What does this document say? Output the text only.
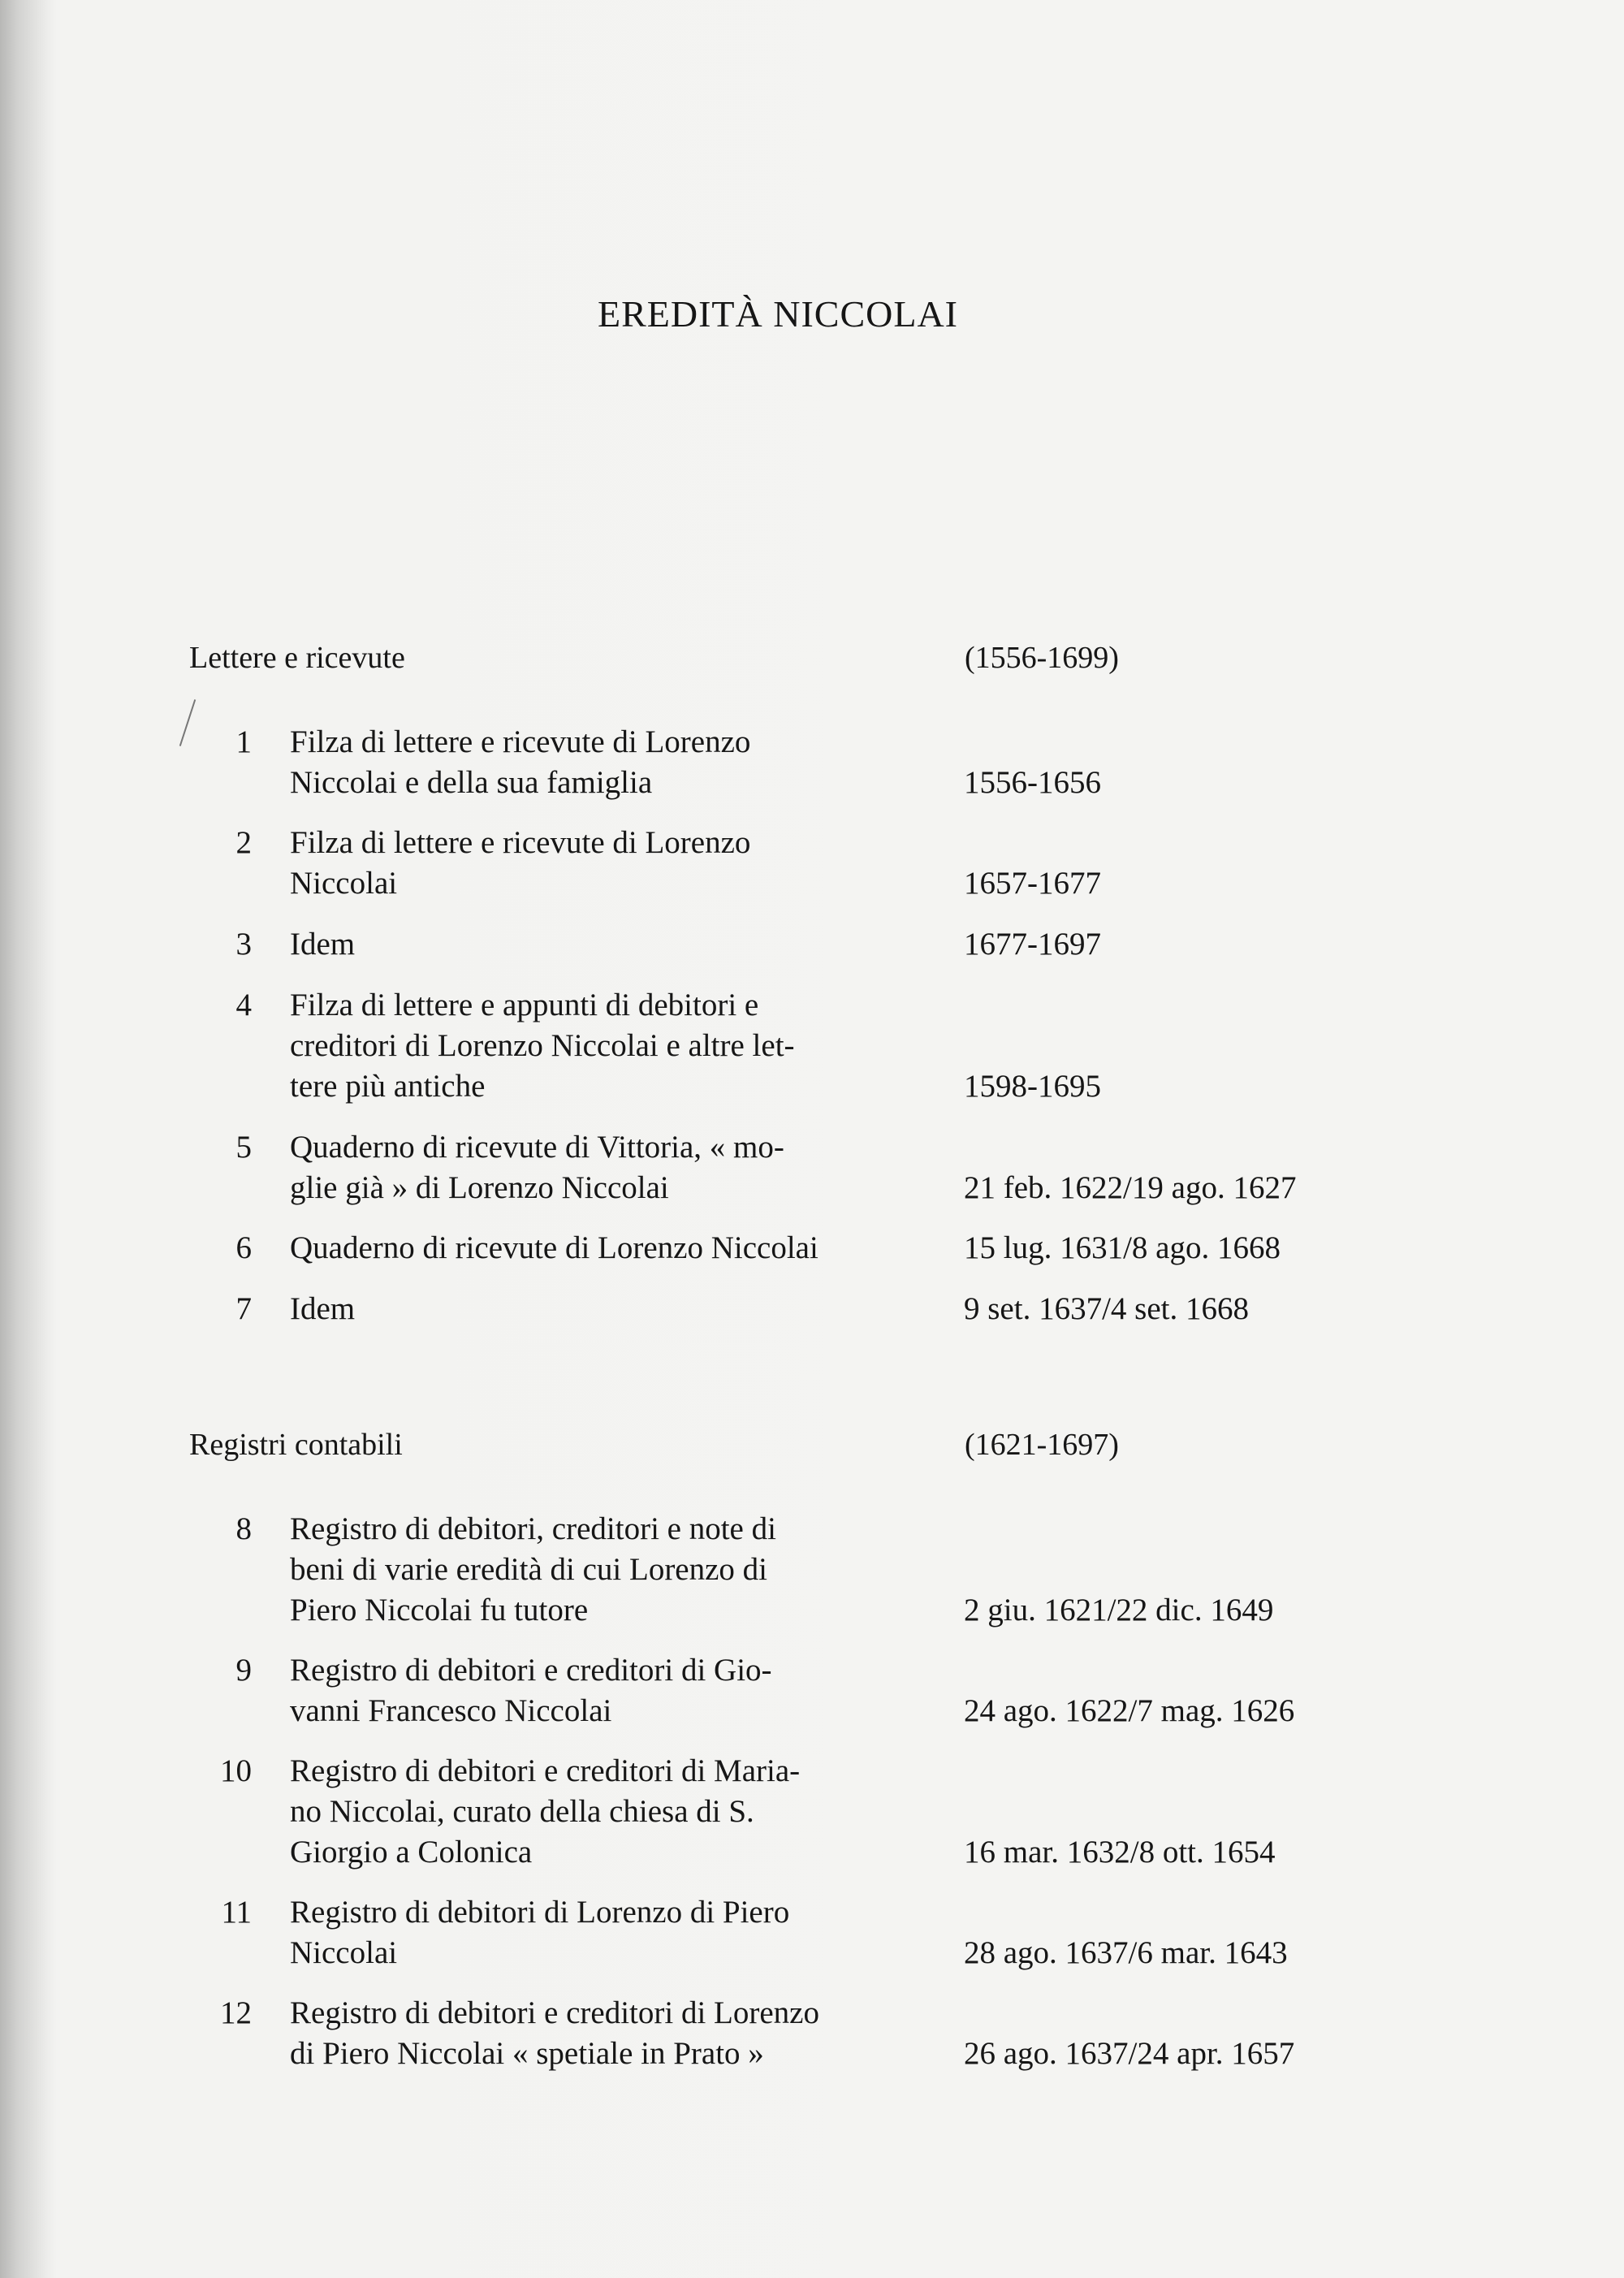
EREDITÀ NICCOLAI
Lettere e ricevute	(1556-1699)
1 Filza di lettere e ricevute di Lorenzo
Niccolai e della sua famiglia	1556-1656
2 Filza di lettere e ricevute di Lorenzo
Niccolai	1657-1677
3 Idem	1677-1697
4 Filza di lettere e appunti di debitori e
creditori di Lorenzo Niccolai e altre let-
tere più antiche	1598-1695
5 Quaderno di ricevute di Vittoria, « mo-
glie già » di Lorenzo Niccolai	21 feb. 1622/19 ago. 1627
6 Quaderno di ricevute di Lorenzo Niccolai	15 lug. 1631/8 ago. 1668
7 Idem	9 set. 1637/4 set. 1668
Registri contabili	(1621-1697)
8 Registro di debitori, creditori e note di
beni di varie eredità di cui Lorenzo di
Piero Niccolai fu tutore	2 giu. 1621/22 dic. 1649
9 Registro di debitori e creditori di Gio-
vanni Francesco Niccolai	24 ago. 1622/7 mag. 1626
10 Registro di debitori e creditori di Maria-
no Niccolai, curato della chiesa di S.
Giorgio a Colonica	16 mar. 1632/8 ott. 1654
11 Registro di debitori di Lorenzo di Piero
Niccolai	28 ago. 1637/6 mar. 1643
12 Registro di debitori e creditori di Lorenzo
di Piero Niccolai « spetiale in Prato »	26 ago. 1637/24 apr. 1657
